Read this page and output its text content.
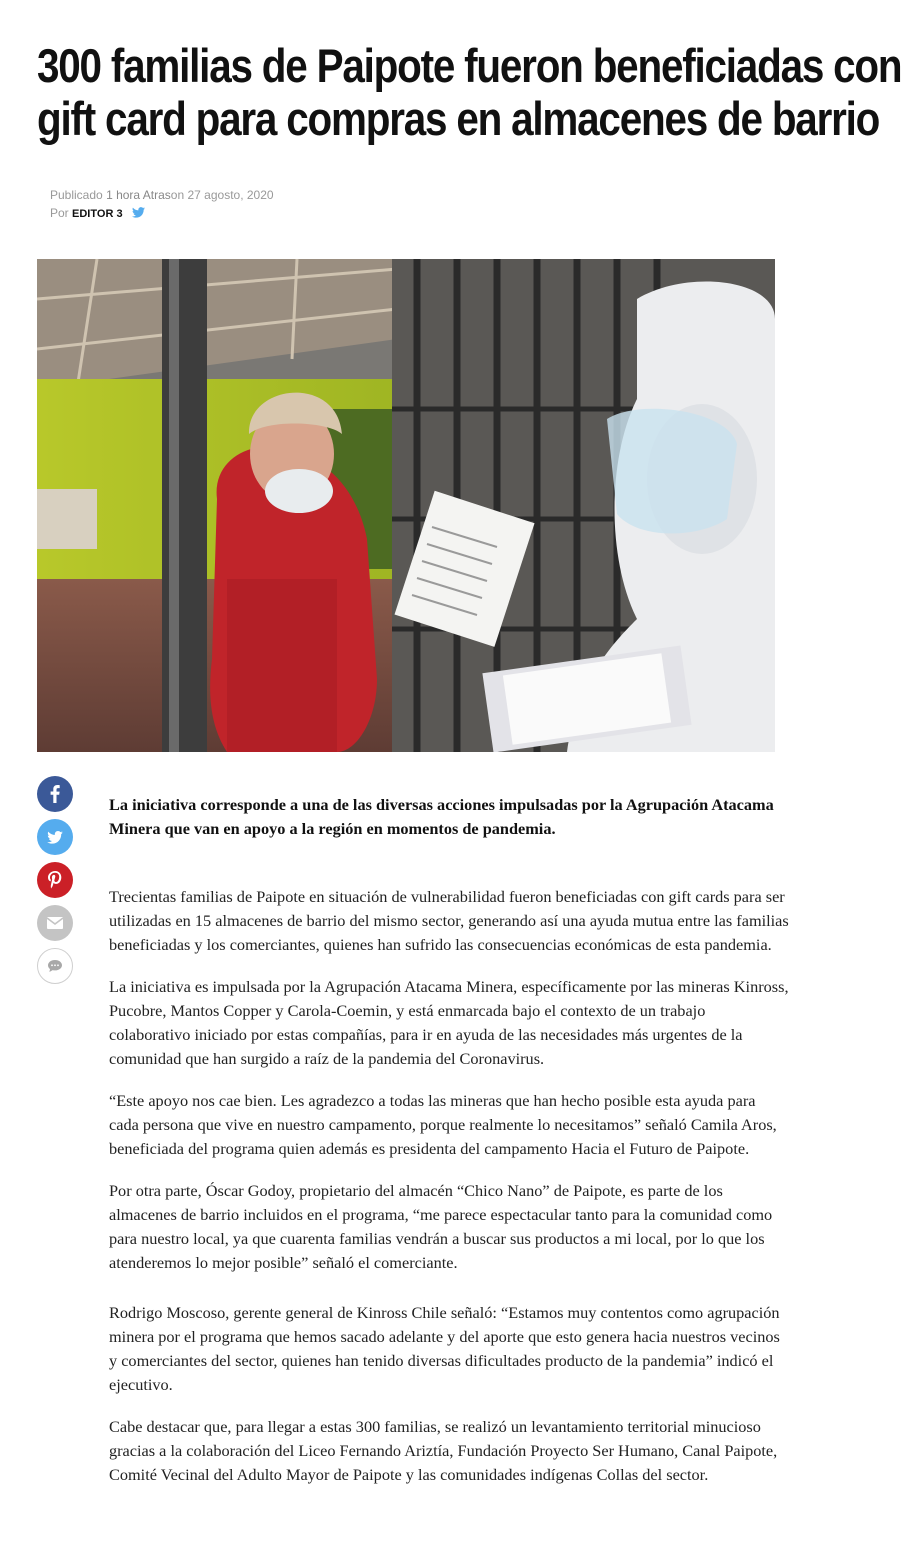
300 familias de Paipote fueron beneficiadas con gift card para compras en almacenes de barrio
Publicado 1 hora Atrason 27 agosto, 2020
Por EDITOR 3

La iniciativa corresponde a una de las diversas acciones impulsadas por la Agrupación Atacama Minera que van en apoyo a la región en momentos de pandemia.

Trecientas familias de Paipote en situación de vulnerabilidad fueron beneficiadas con gift cards para ser utilizadas en 15 almacenes de barrio del mismo sector, generando así una ayuda mutua entre las familias beneficiadas y los comerciantes, quienes han sufrido las consecuencias económicas de esta pandemia.

La iniciativa es impulsada por la Agrupación Atacama Minera, específicamente por las mineras Kinross, Pucobre, Mantos Copper y Carola-Coemin, y está enmarcada bajo el contexto de un trabajo colaborativo iniciado por estas compañías, para ir en ayuda de las necesidades más urgentes de la comunidad que han surgido a raíz de la pandemia del Coronavirus.

“Este apoyo nos cae bien. Les agradezco a todas las mineras que han hecho posible esta ayuda para cada persona que vive en nuestro campamento, porque realmente lo necesitamos” señaló Camila Aros, beneficiada del programa quien además es presidenta del campamento Hacia el Futuro de Paipote.

Por otra parte, Óscar Godoy, propietario del almacén “Chico Nano” de Paipote, es parte de los almacenes de barrio incluidos en el programa, “me parece espectacular tanto para la comunidad como para nuestro local, ya que cuarenta familias vendrán a buscar sus productos a mi local, por lo que los atenderemos lo mejor posible” señaló el comerciante.

Rodrigo Moscoso, gerente general de Kinross Chile señaló: “Estamos muy contentos como agrupación minera por el programa que hemos sacado adelante y del aporte que esto genera hacia nuestros vecinos y comerciantes del sector, quienes han tenido diversas dificultades producto de la pandemia” indicó el ejecutivo.

Cabe destacar que, para llegar a estas 300 familias, se realizó un levantamiento territorial minucioso gracias a la colaboración del Liceo Fernando Ariztía, Fundación Proyecto Ser Humano, Canal Paipote, Comité Vecinal del Adulto Mayor de Paipote y las comunidades indígenas Collas del sector.
